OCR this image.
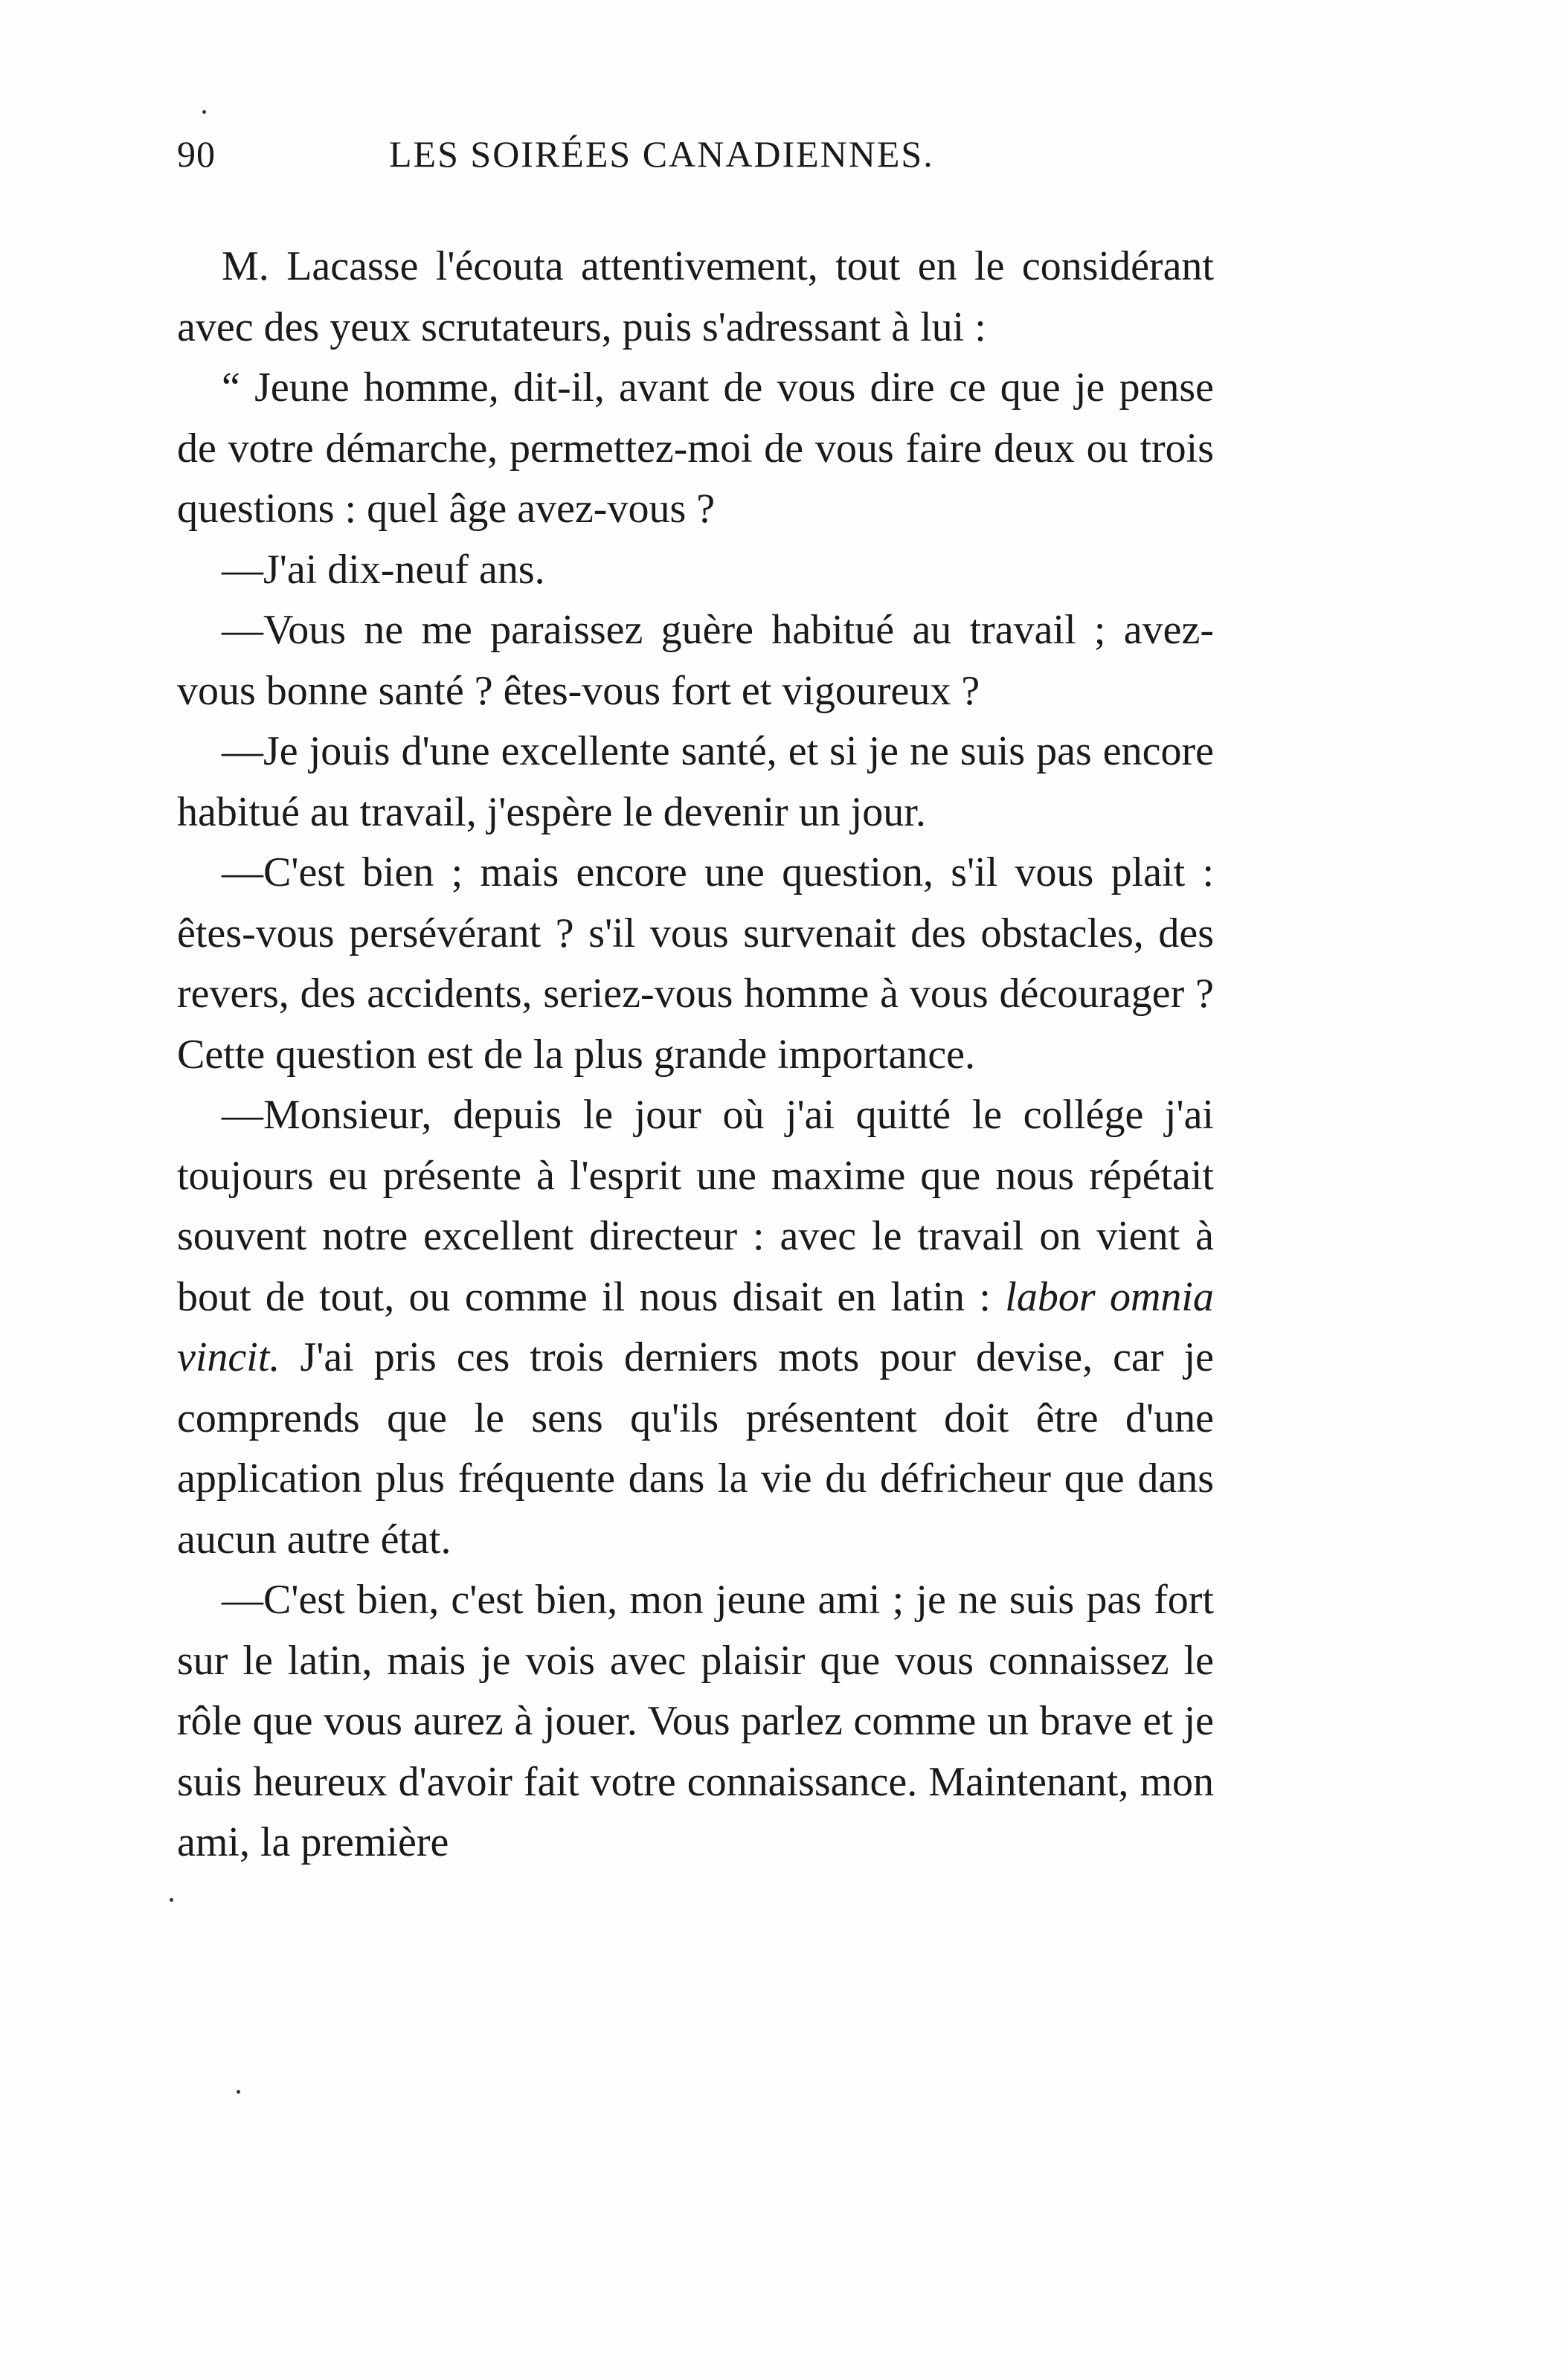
90	LES SOIRÉES CANADIENNES.

M. Lacasse l'écouta attentivement, tout en le considérant avec des yeux scrutateurs, puis s'adressant à lui :

“ Jeune homme, dit-il, avant de vous dire ce que je pense de votre démarche, permettez-moi de vous faire deux ou trois questions : quel âge avez-vous ?

—J'ai dix-neuf ans.

—Vous ne me paraissez guère habitué au travail ; avez-vous bonne santé ? êtes-vous fort et vigoureux ?

—Je jouis d'une excellente santé, et si je ne suis pas encore habitué au travail, j'espère le devenir un jour.

—C'est bien ; mais encore une question, s'il vous plait : êtes-vous persévérant ? s'il vous survenait des obstacles, des revers, des accidents, seriez-vous homme à vous décourager ? Cette question est de la plus grande importance.

—Monsieur, depuis le jour où j'ai quitté le collége j'ai toujours eu présente à l'esprit une maxime que nous répétait souvent notre excellent directeur : avec le travail on vient à bout de tout, ou comme il nous disait en latin : labor omnia vincit. J'ai pris ces trois derniers mots pour devise, car je comprends que le sens qu'ils présentent doit être d'une application plus fréquente dans la vie du défricheur que dans aucun autre état.

—C'est bien, c'est bien, mon jeune ami ; je ne suis pas fort sur le latin, mais je vois avec plaisir que vous connaissez le rôle que vous aurez à jouer. Vous parlez comme un brave et je suis heureux d'avoir fait votre connaissance. Maintenant, mon ami, la première
